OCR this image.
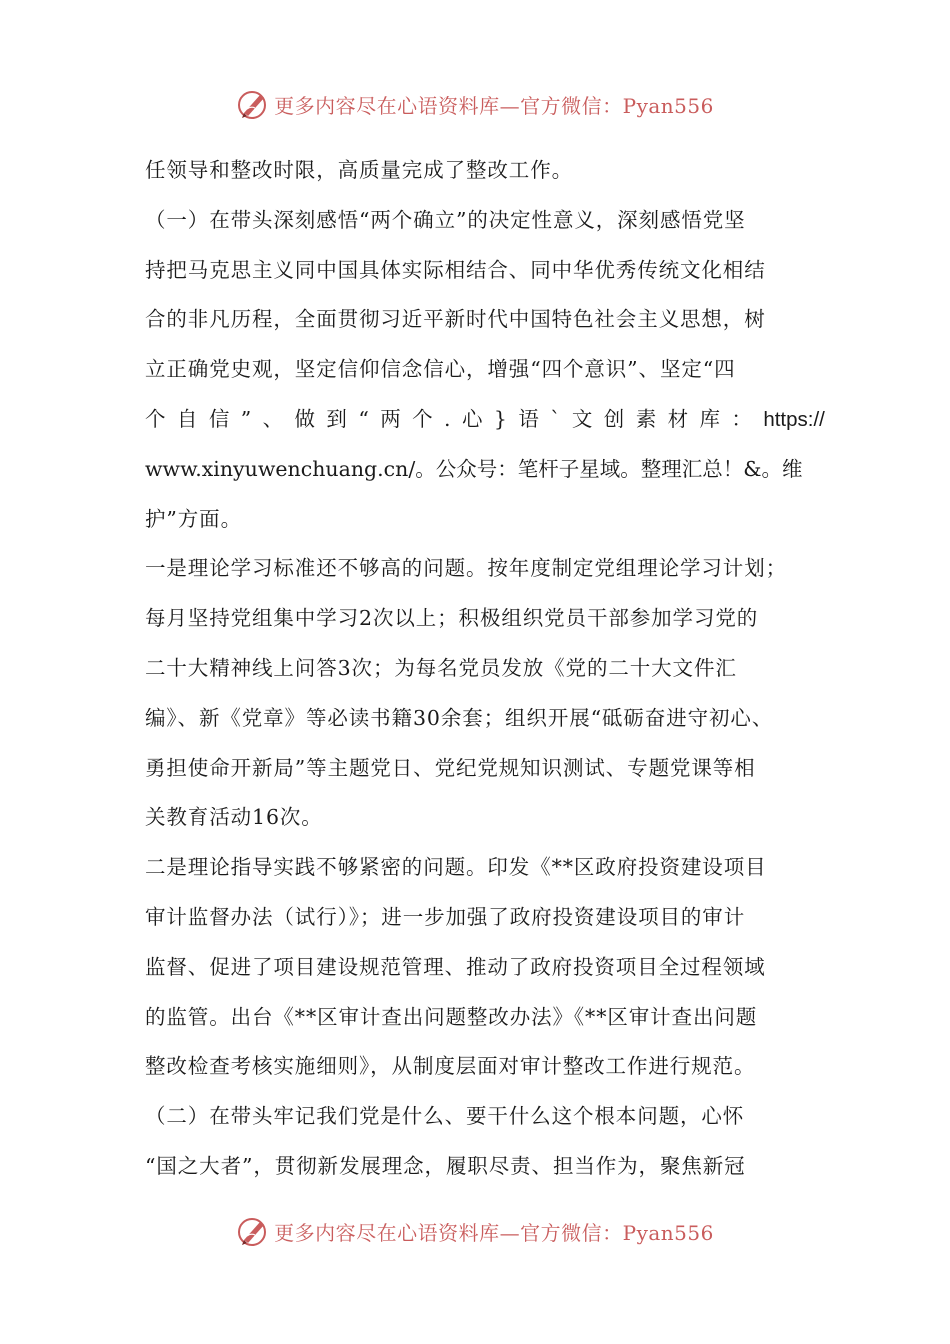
更多内容尽在心语资料库—官方微信：Pyan556
任领导和整改时限，高质量完成了整改工作。
（一）在带头深刻感悟“两个确立”的决定性意义，深刻感悟党坚
持把马克思主义同中国具体实际相结合、同中华优秀传统文化相结
合的非凡历程，全面贯彻习近平新时代中国特色社会主义思想，树
立正确党史观，坚定信仰信念信心，增强“四个意识”、坚定“四
个 自 信 ” 、 做 到 “ 两 个 . 心 } 语 ` 文 创 素 材 库 ： https://
www.xinyuwenchuang.cn/。公众号：笔杆子星域。整理汇总！&。维
护”方面。
一是理论学习标准还不够高的问题。按年度制定党组理论学习计划；
每月坚持党组集中学习2次以上；积极组织党员干部参加学习党的
二十大精神线上问答3次；为每名党员发放《党的二十大文件汇
编》、新《党章》等必读书籍30余套；组织开展“砥砺奋进守初心、
勇担使命开新局”等主题党日、党纪党规知识测试、专题党课等相
关教育活动16次。
二是理论指导实践不够紧密的问题。印发《**区政府投资建设项目
审计监督办法（试行）》；进一步加强了政府投资建设项目的审计
监督、促进了项目建设规范管理、推动了政府投资项目全过程领域
的监管。出台《**区审计查出问题整改办法》《**区审计查出问题
整改检查考核实施细则》，从制度层面对审计整改工作进行规范。
（二）在带头牢记我们党是什么、要干什么这个根本问题，心怀
“国之大者”，贯彻新发展理念，履职尽责、担当作为，聚焦新冠
更多内容尽在心语资料库—官方微信：Pyan556
